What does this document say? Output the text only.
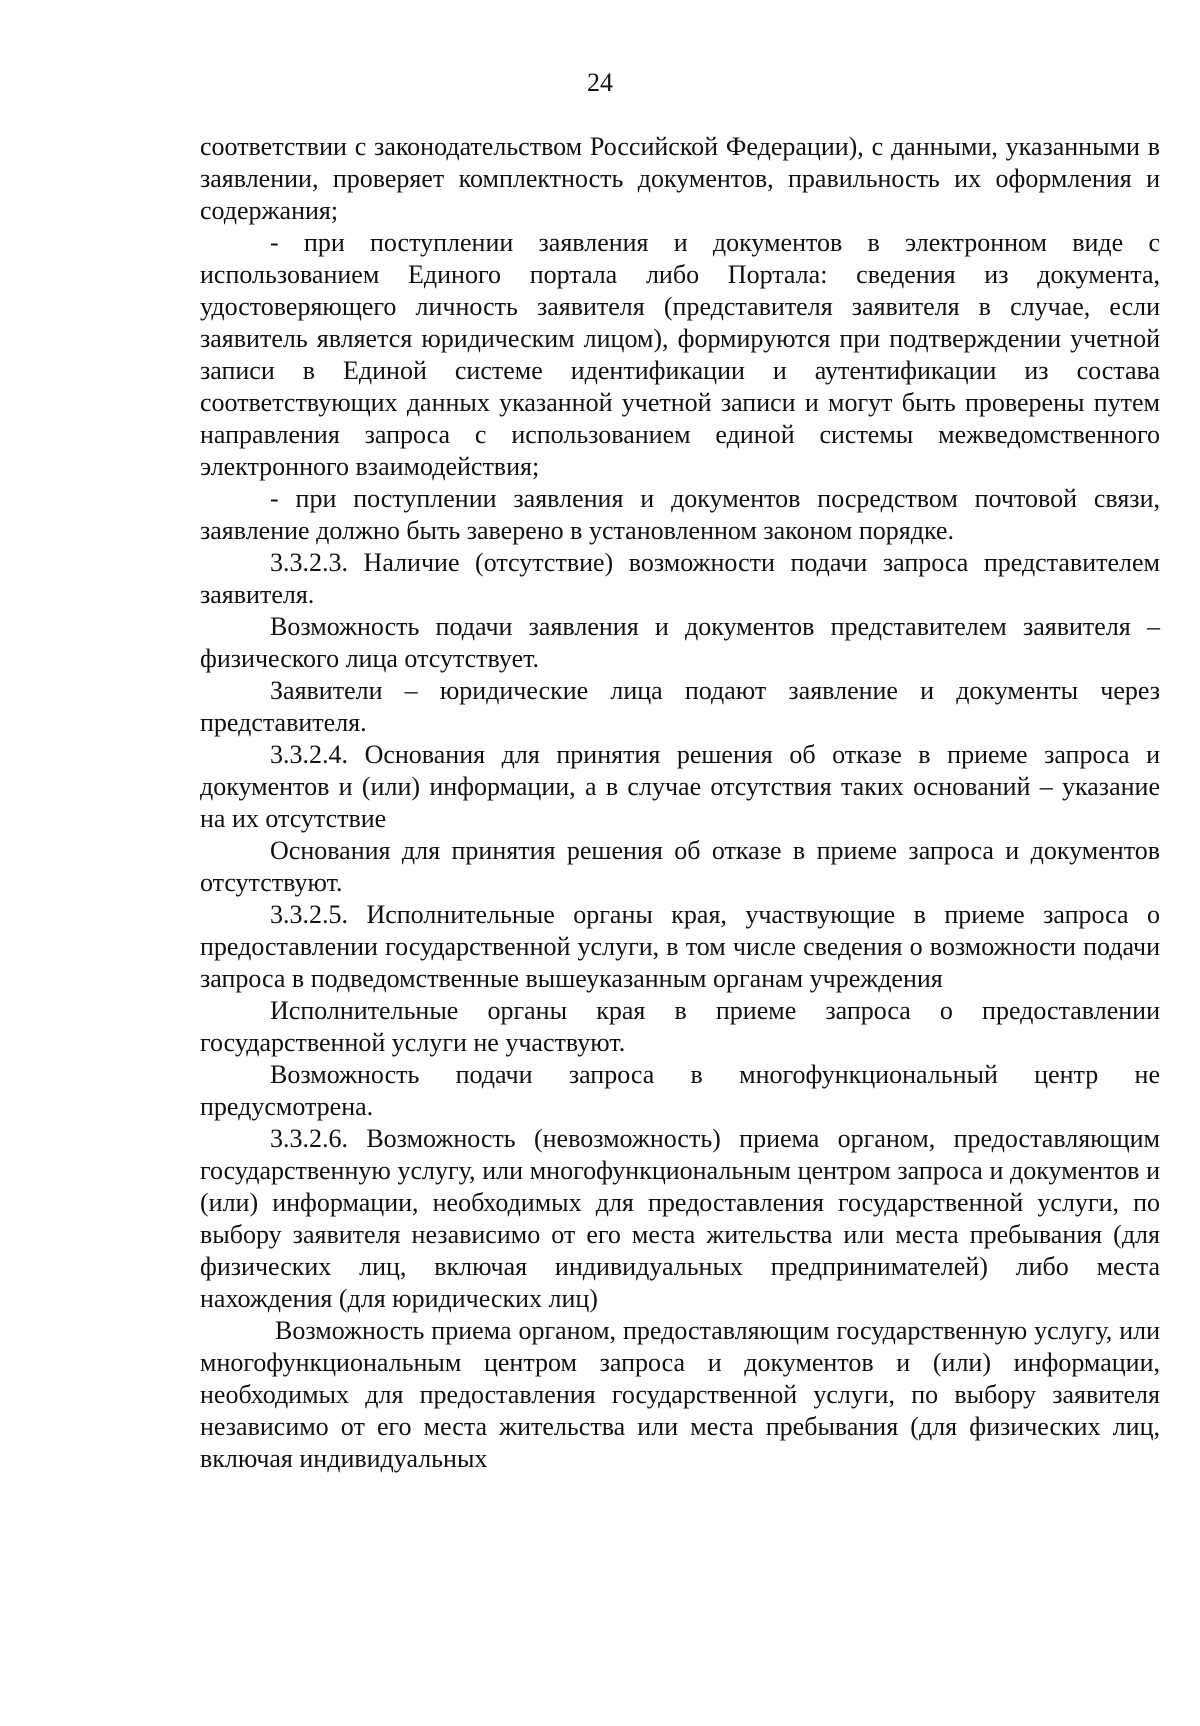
24

соответствии с законодательством Российской Федерации), с данными, указанными в заявлении, проверяет комплектность документов, правильность их оформления и содержания;

- при поступлении заявления и документов в электронном виде с использованием Единого портала либо Портала: сведения из документа, удостоверяющего личность заявителя (представителя заявителя в случае, если заявитель является юридическим лицом), формируются при подтверждении учетной записи в Единой системе идентификации и аутентификации из состава соответствующих данных указанной учетной записи и могут быть проверены путем направления запроса с использованием единой системы межведомственного электронного взаимодействия;

- при поступлении заявления и документов посредством почтовой связи, заявление должно быть заверено в установленном законом порядке.

3.3.2.3. Наличие (отсутствие) возможности подачи запроса представителем заявителя.

Возможность подачи заявления и документов представителем заявителя – физического лица отсутствует.

Заявители – юридические лица подают заявление и документы через представителя.

3.3.2.4. Основания для принятия решения об отказе в приеме запроса и документов и (или) информации, а в случае отсутствия таких оснований – указание на их отсутствие

Основания для принятия решения об отказе в приеме запроса и документов отсутствуют.

3.3.2.5. Исполнительные органы края, участвующие в приеме запроса о предоставлении государственной услуги, в том числе сведения о возможности подачи запроса в подведомственные вышеуказанным органам учреждения

Исполнительные органы края в приеме запроса о предоставлении государственной услуги не участвуют.

Возможность подачи запроса в многофункциональный центр не предусмотрена.

3.3.2.6. Возможность (невозможность) приема органом, предоставляющим государственную услугу, или многофункциональным центром запроса и документов и (или) информации, необходимых для предоставления государственной услуги, по выбору заявителя независимо от его места жительства или места пребывания (для физических лиц, включая индивидуальных предпринимателей) либо места нахождения (для юридических лиц)

Возможность приема органом, предоставляющим государственную услугу, или многофункциональным центром запроса и документов и (или) информации, необходимых для предоставления государственной услуги, по выбору заявителя независимо от его места жительства или места пребывания (для физических лиц, включая индивидуальных
